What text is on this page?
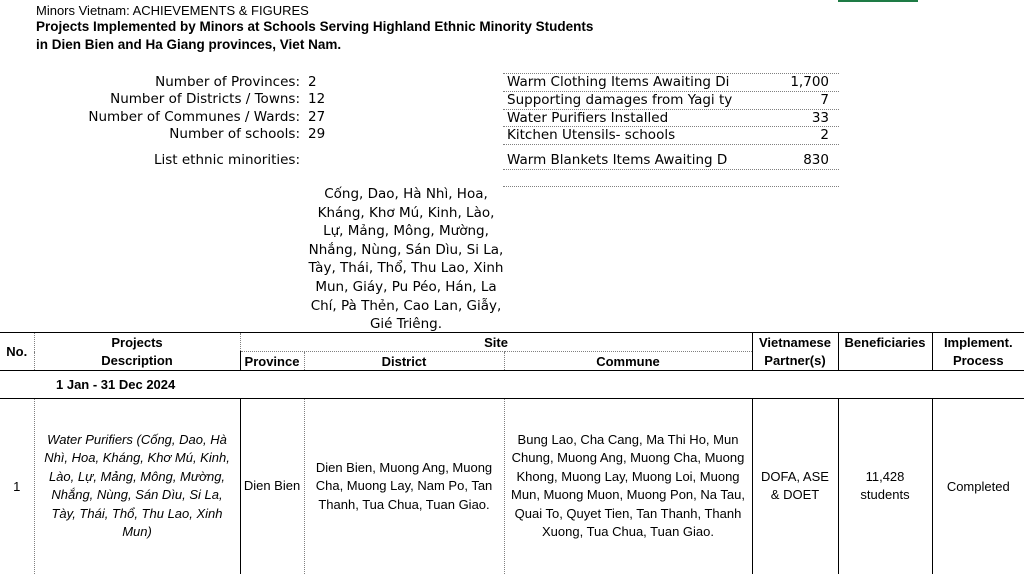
Minors Vietnam: ACHIEVEMENTS & FIGURES
Projects Implemented by Minors at Schools Serving Highland Ethnic Minority Students
in Dien Bien and Ha Giang provinces, Viet Nam.
Number of Provinces: 2
Number of Districts / Towns: 12
Number of Communes / Wards: 27
Number of schools: 29
List ethnic minorities:
Warm Clothing Items Awaiting Di	1,700
Supporting damages from Yagi ty	7
Water Purifiers Installed	33
Kitchen Utensils- schools	2
Warm Blankets Items Awaiting D	830
Cống, Dao, Hà Nhì, Hoa, Kháng, Khơ Mú, Kinh, Lào, Lự, Mảng, Mông, Mường, Nhắng, Nùng, Sán Dìu, Si La, Tày, Thái, Thổ, Thu Lao, Xinh Mun, Giáy, Pu Péo, Hán, La Chí, Pà Thẻn, Cao Lan, Giẫy, Gié Triêng.
No.	Projects	Site			Vietnamese	Beneficiaries	Implement.
	Description	Province	District	Commune	Partner(s)		Process
	1 Jan - 31 Dec 2024						
1	Water Purifiers (Cống, Dao, Hà Nhì, Hoa, Kháng, Khơ Mú, Kinh, Lào, Lự, Mảng, Mông, Mường, Nhắng, Nùng, Sán Dìu, Si La, Tày, Thái, Thổ, Thu Lao, Xinh Mun)	Dien Bien	Dien Bien, Muong Ang, Muong Cha, Muong Lay, Nam Po, Tan Thanh, Tua Chua, Tuan Giao.	Bung Lao, Cha Cang, Ma Thi Ho, Mun Chung, Muong Ang, Muong Cha, Muong Khong, Muong Lay, Muong Loi, Muong Mun, Muong Muon, Muong Pon, Na Tau, Quai To, Quyet Tien, Tan Thanh, Thanh Xuong, Tua Chua, Tuan Giao.	DOFA, ASE & DOET	11,428 students	Completed
